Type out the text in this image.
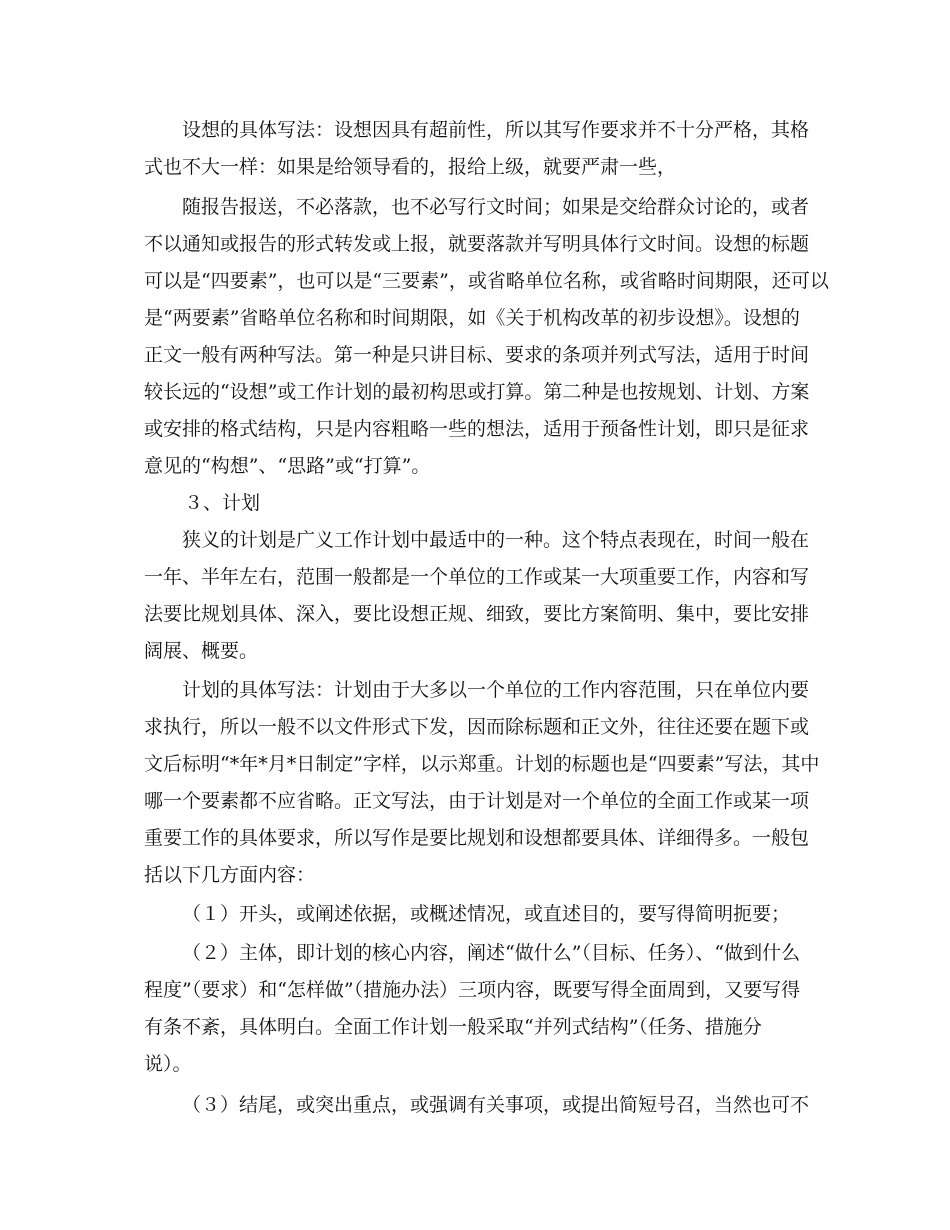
设想的具体写法：设想因具有超前性，所以其写作要求并不十分严格，其格
式也不大一样：如果是给领导看的，报给上级，就要严肃一些，

随报告报送，不必落款，也不必写行文时间；如果是交给群众讨论的，或者
不以通知或报告的形式转发或上报，就要落款并写明具体行文时间。设想的标题
可以是“四要素”，也可以是“三要素”，或省略单位名称，或省略时间期限，还可以
是“两要素”省略单位名称和时间期限，如《关于机构改革的初步设想》。设想的
正文一般有两种写法。第一种是只讲目标、要求的条项并列式写法，适用于时间
较长远的“设想”或工作计划的最初构思或打算。第二种是也按规划、计划、方案
或安排的格式结构，只是内容粗略一些的想法，适用于预备性计划，即只是征求
意见的“构想”、“思路”或“打算”。

３、计划

狭义的计划是广义工作计划中最适中的一种。这个特点表现在，时间一般在
一年、半年左右，范围一般都是一个单位的工作或某一大项重要工作，内容和写
法要比规划具体、深入，要比设想正规、细致，要比方案简明、集中，要比安排
阔展、概要。

计划的具体写法：计划由于大多以一个单位的工作内容范围，只在单位内要
求执行，所以一般不以文件形式下发，因而除标题和正文外，往往还要在题下或
文后标明“*年*月*日制定”字样，以示郑重。计划的标题也是“四要素”写法，其中
哪一个要素都不应省略。正文写法，由于计划是对一个单位的全面工作或某一项
重要工作的具体要求，所以写作是要比规划和设想都要具体、详细得多。一般包
括以下几方面内容：

（１）开头，或阐述依据，或概述情况，或直述目的，要写得简明扼要；

（２）主体，即计划的核心内容，阐述“做什么”（目标、任务）、“做到什么
程度”（要求）和“怎样做”（措施办法）三项内容，既要写得全面周到，又要写得
有条不紊，具体明白。全面工作计划一般采取“并列式结构”（任务、措施分
说）。

（３）结尾，或突出重点，或强调有关事项，或提出简短号召，当然也可不
